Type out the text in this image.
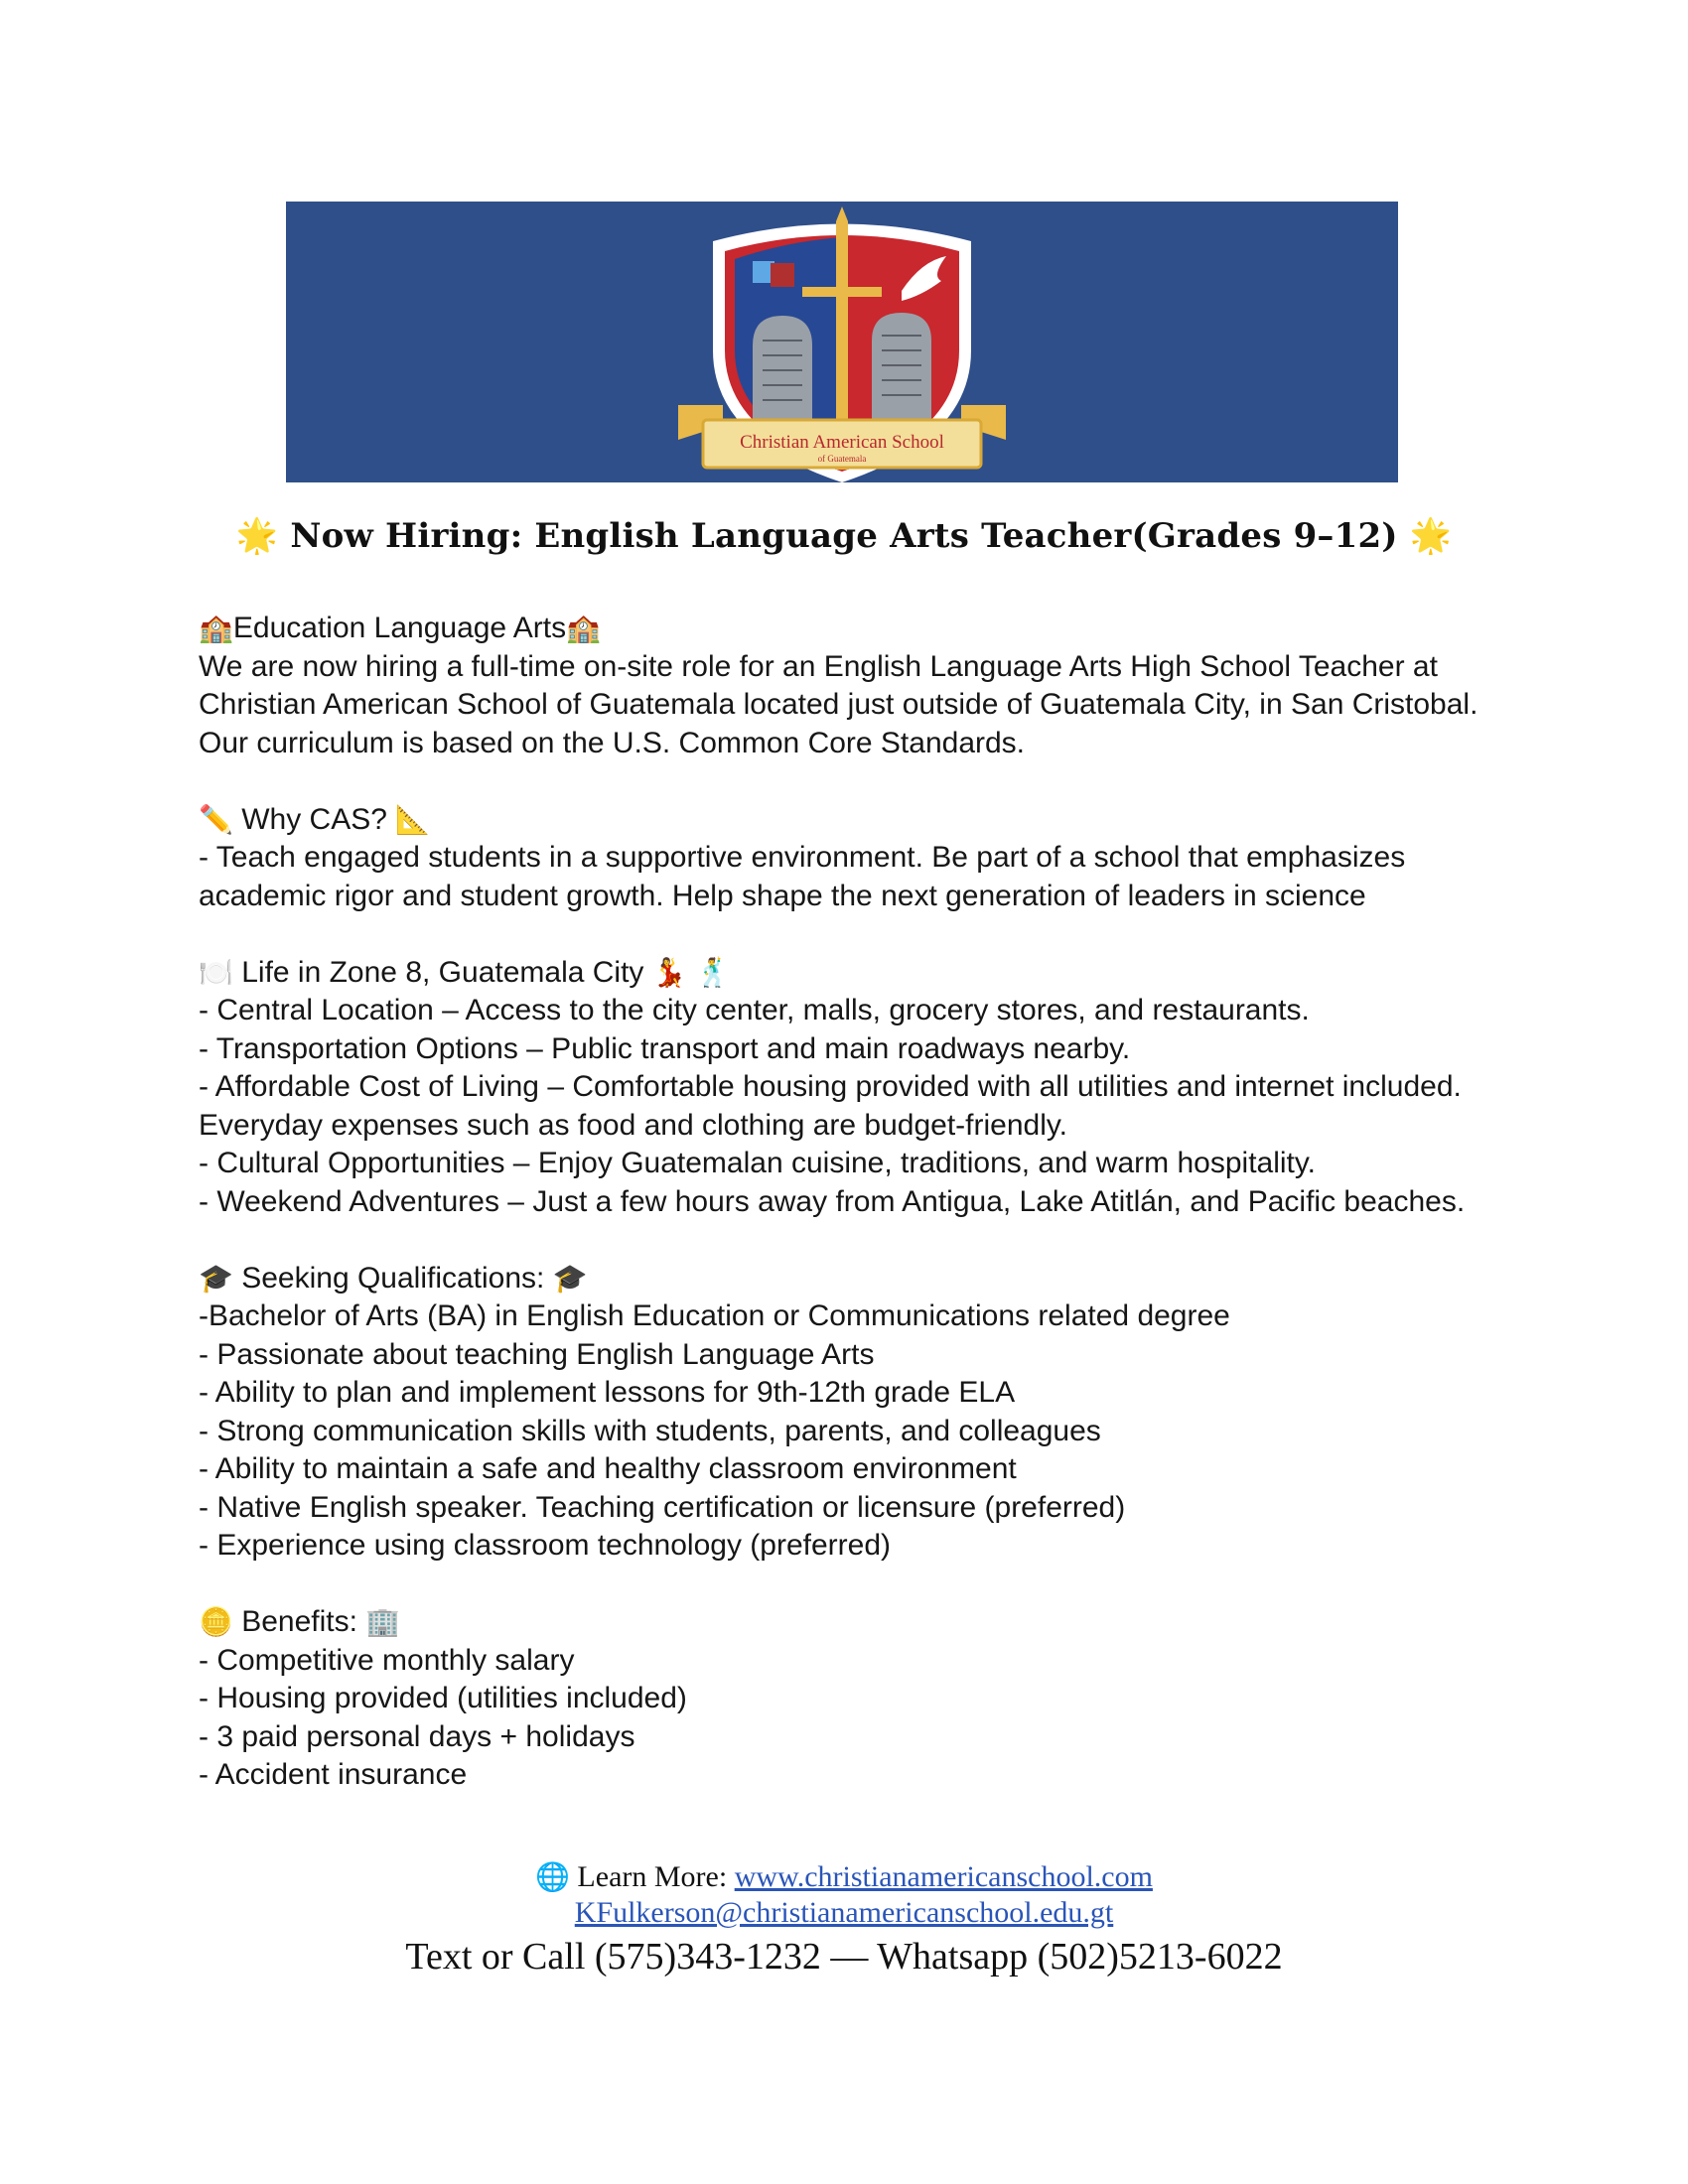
Christian American School
of Guatemala
🌟 Now Hiring: English Language Arts Teacher(Grades 9–12) 🌟
🏫Education Language Arts🏫

We are now hiring a full-time on-site role for an English Language Arts High School Teacher at Christian American School of Guatemala located just outside of Guatemala City, in San Cristobal. Our curriculum is based on the U.S. Common Core Standards.

✏️ Why CAS? 📐

- Teach engaged students in a supportive environment. Be part of a school that emphasizes academic rigor and student growth. Help shape the next generation of leaders in science

🍽️ Life in Zone 8, Guatemala City 💃 🕺

- Central Location – Access to the city center, malls, grocery stores, and restaurants.

- Transportation Options – Public transport and main roadways nearby.

- Affordable Cost of Living – Comfortable housing provided with all utilities and internet included. Everyday expenses such as food and clothing are budget-friendly.

- Cultural Opportunities – Enjoy Guatemalan cuisine, traditions, and warm hospitality.

- Weekend Adventures – Just a few hours away from Antigua, Lake Atitlán, and Pacific beaches.

🎓 Seeking Qualifications: 🎓

-Bachelor of Arts (BA) in English Education or Communications related degree

- Passionate about teaching English Language Arts

- Ability to plan and implement lessons for 9th-12th grade ELA

- Strong communication skills with students, parents, and colleagues

- Ability to maintain a safe and healthy classroom environment

- Native English speaker. Teaching certification or licensure (preferred)

- Experience using classroom technology (preferred)

🪙 Benefits: 🏢

- Competitive monthly salary

- Housing provided (utilities included)

- 3 paid personal days + holidays

- Accident insurance

🌐 Learn More: www.christianamericanschool.com
KFulkerson@christianamericanschool.edu.gt
Text or Call (575)343-1232 — Whatsapp (502)5213-6022
